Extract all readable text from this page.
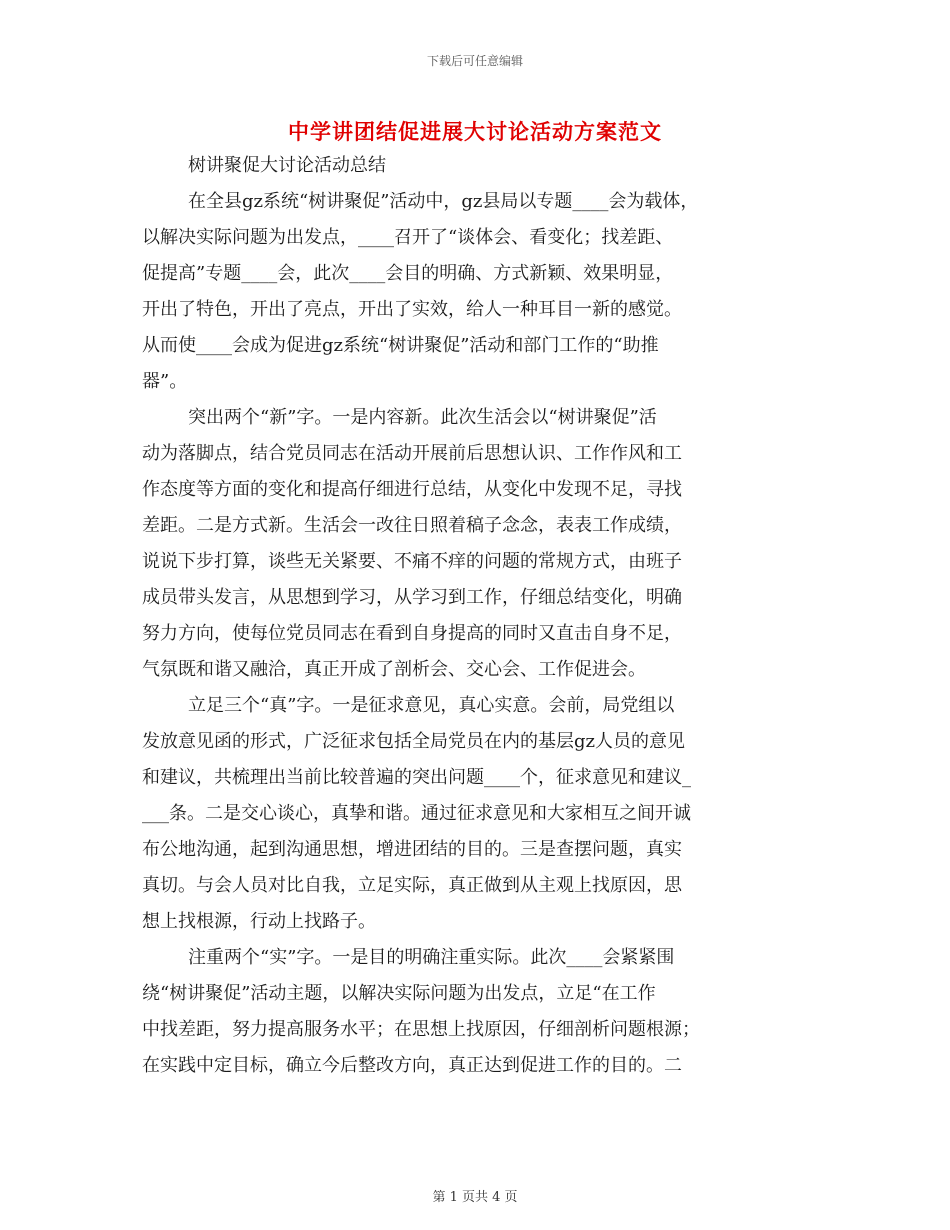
下载后可任意编辑
中学讲团结促进展大讨论活动方案范文
树讲聚促大讨论活动总结
在全县gz系统“树讲聚促”活动中，gz县局以专题____会为载体，
以解决实际问题为出发点，____召开了“谈体会、看变化；找差距、
促提高”专题____会，此次____会目的明确、方式新颖、效果明显，
开出了特色，开出了亮点，开出了实效，给人一种耳目一新的感觉。
从而使____会成为促进gz系统“树讲聚促”活动和部门工作的“助推
器”。
突出两个“新”字。一是内容新。此次生活会以“树讲聚促”活
动为落脚点，结合党员同志在活动开展前后思想认识、工作作风和工
作态度等方面的变化和提高仔细进行总结，从变化中发现不足，寻找
差距。二是方式新。生活会一改往日照着稿子念念，表表工作成绩，
说说下步打算，谈些无关紧要、不痛不痒的问题的常规方式，由班子
成员带头发言，从思想到学习，从学习到工作，仔细总结变化，明确
努力方向，使每位党员同志在看到自身提高的同时又直击自身不足，
气氛既和谐又融洽，真正开成了剖析会、交心会、工作促进会。
立足三个“真”字。一是征求意见，真心实意。会前，局党组以
发放意见函的形式，广泛征求包括全局党员在内的基层gz人员的意见
和建议，共梳理出当前比较普遍的突出问题____个，征求意见和建议_
___条。二是交心谈心，真挚和谐。通过征求意见和大家相互之间开诚
布公地沟通，起到沟通思想，增进团结的目的。三是查摆问题，真实
真切。与会人员对比自我，立足实际，真正做到从主观上找原因，思
想上找根源，行动上找路子。
注重两个“实”字。一是目的明确注重实际。此次____会紧紧围
绕“树讲聚促”活动主题，以解决实际问题为出发点，立足“在工作
中找差距，努力提高服务水平；在思想上找原因，仔细剖析问题根源；
在实践中定目标，确立今后整改方向，真正达到促进工作的目的。二
第 1 页共 4 页
